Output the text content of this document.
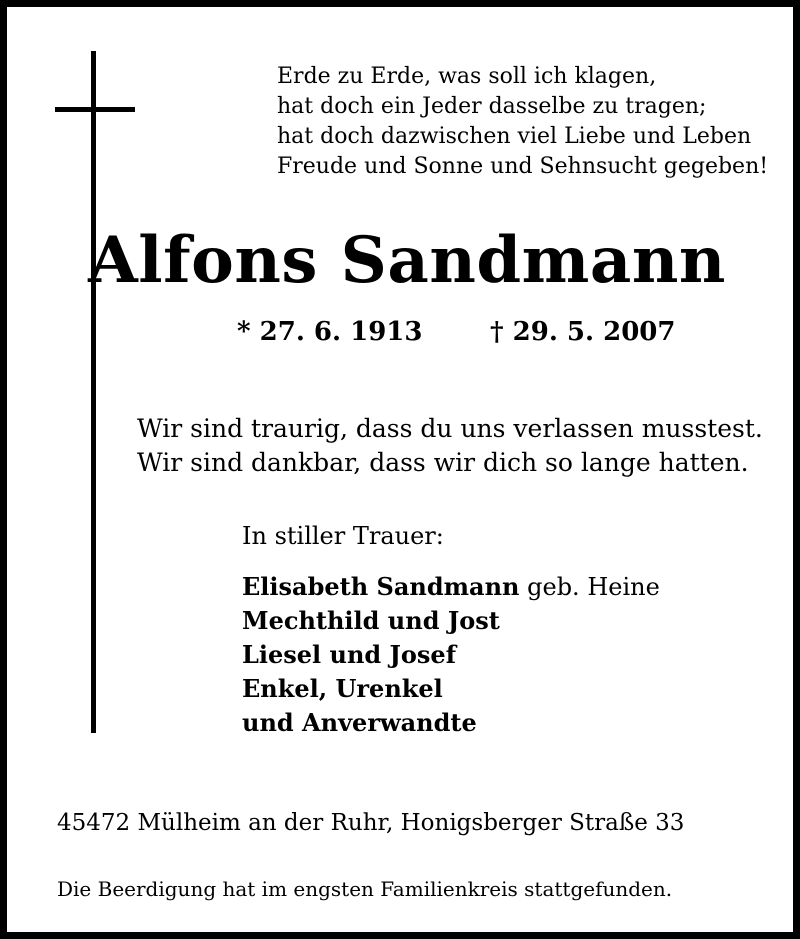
Erde zu Erde, was soll ich klagen,
hat doch ein Jeder dasselbe zu tragen;
hat doch dazwischen viel Liebe und Leben
Freude und Sonne und Sehnsucht gegeben!
Alfons Sandmann
* 27. 6. 1913	† 29. 5. 2007
Wir sind traurig, dass du uns verlassen musstest.
Wir sind dankbar, dass wir dich so lange hatten.
In stiller Trauer:
Elisabeth Sandmann geb. Heine
Mechthild und Jost
Liesel und Josef
Enkel, Urenkel
und Anverwandte
45472 Mülheim an der Ruhr, Honigsberger Straße 33
Die Beerdigung hat im engsten Familienkreis stattgefunden.
